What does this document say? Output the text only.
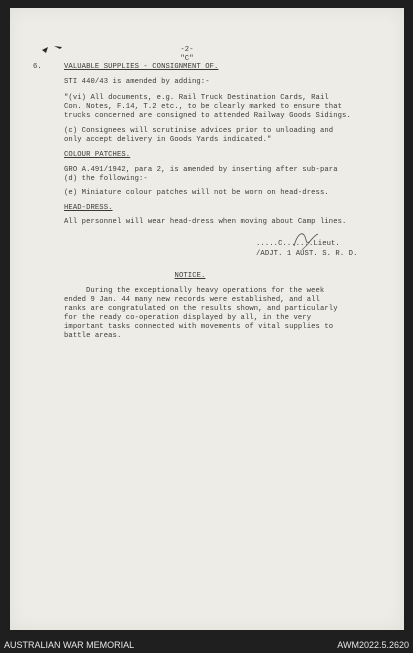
-2-
"C"
6.	VALUABLE SUPPLIES - CONSIGNMENT OF.
STI 440/43 is amended by adding:-
"(vi) All documents, e.g. Rail Truck Destination Cards, Rail
Con. Notes, F.14, T.2 etc., to be clearly marked to ensure that
trucks concerned are consigned to attended Railway Goods Sidings.
(c) Consignees will scrutinise advices prior to unloading and
only accept delivery in Goods Yards indicated."
COLOUR PATCHES.
GRO A.491/1942, para 2, is amended by inserting after sub-para
(d) the following:-
(e) Miniature colour patches will not be worn on head-dress.
HEAD-DRESS.
All personnel will wear head-dress when moving about Camp lines.
.....C.......Lieut.
/ADJT. 1 AUST. S. R. D.
NOTICE.
During the exceptionally heavy operations for the week
ended 9 Jan. 44 many new records were established, and all
ranks are congratulated on the results shown, and particularly
for the ready co-operation displayed by all, in the very
important tasks connected with movements of vital supplies to
battle areas.
AUSTRALIAN WAR MEMORIAL	AWM2022.5.2620
